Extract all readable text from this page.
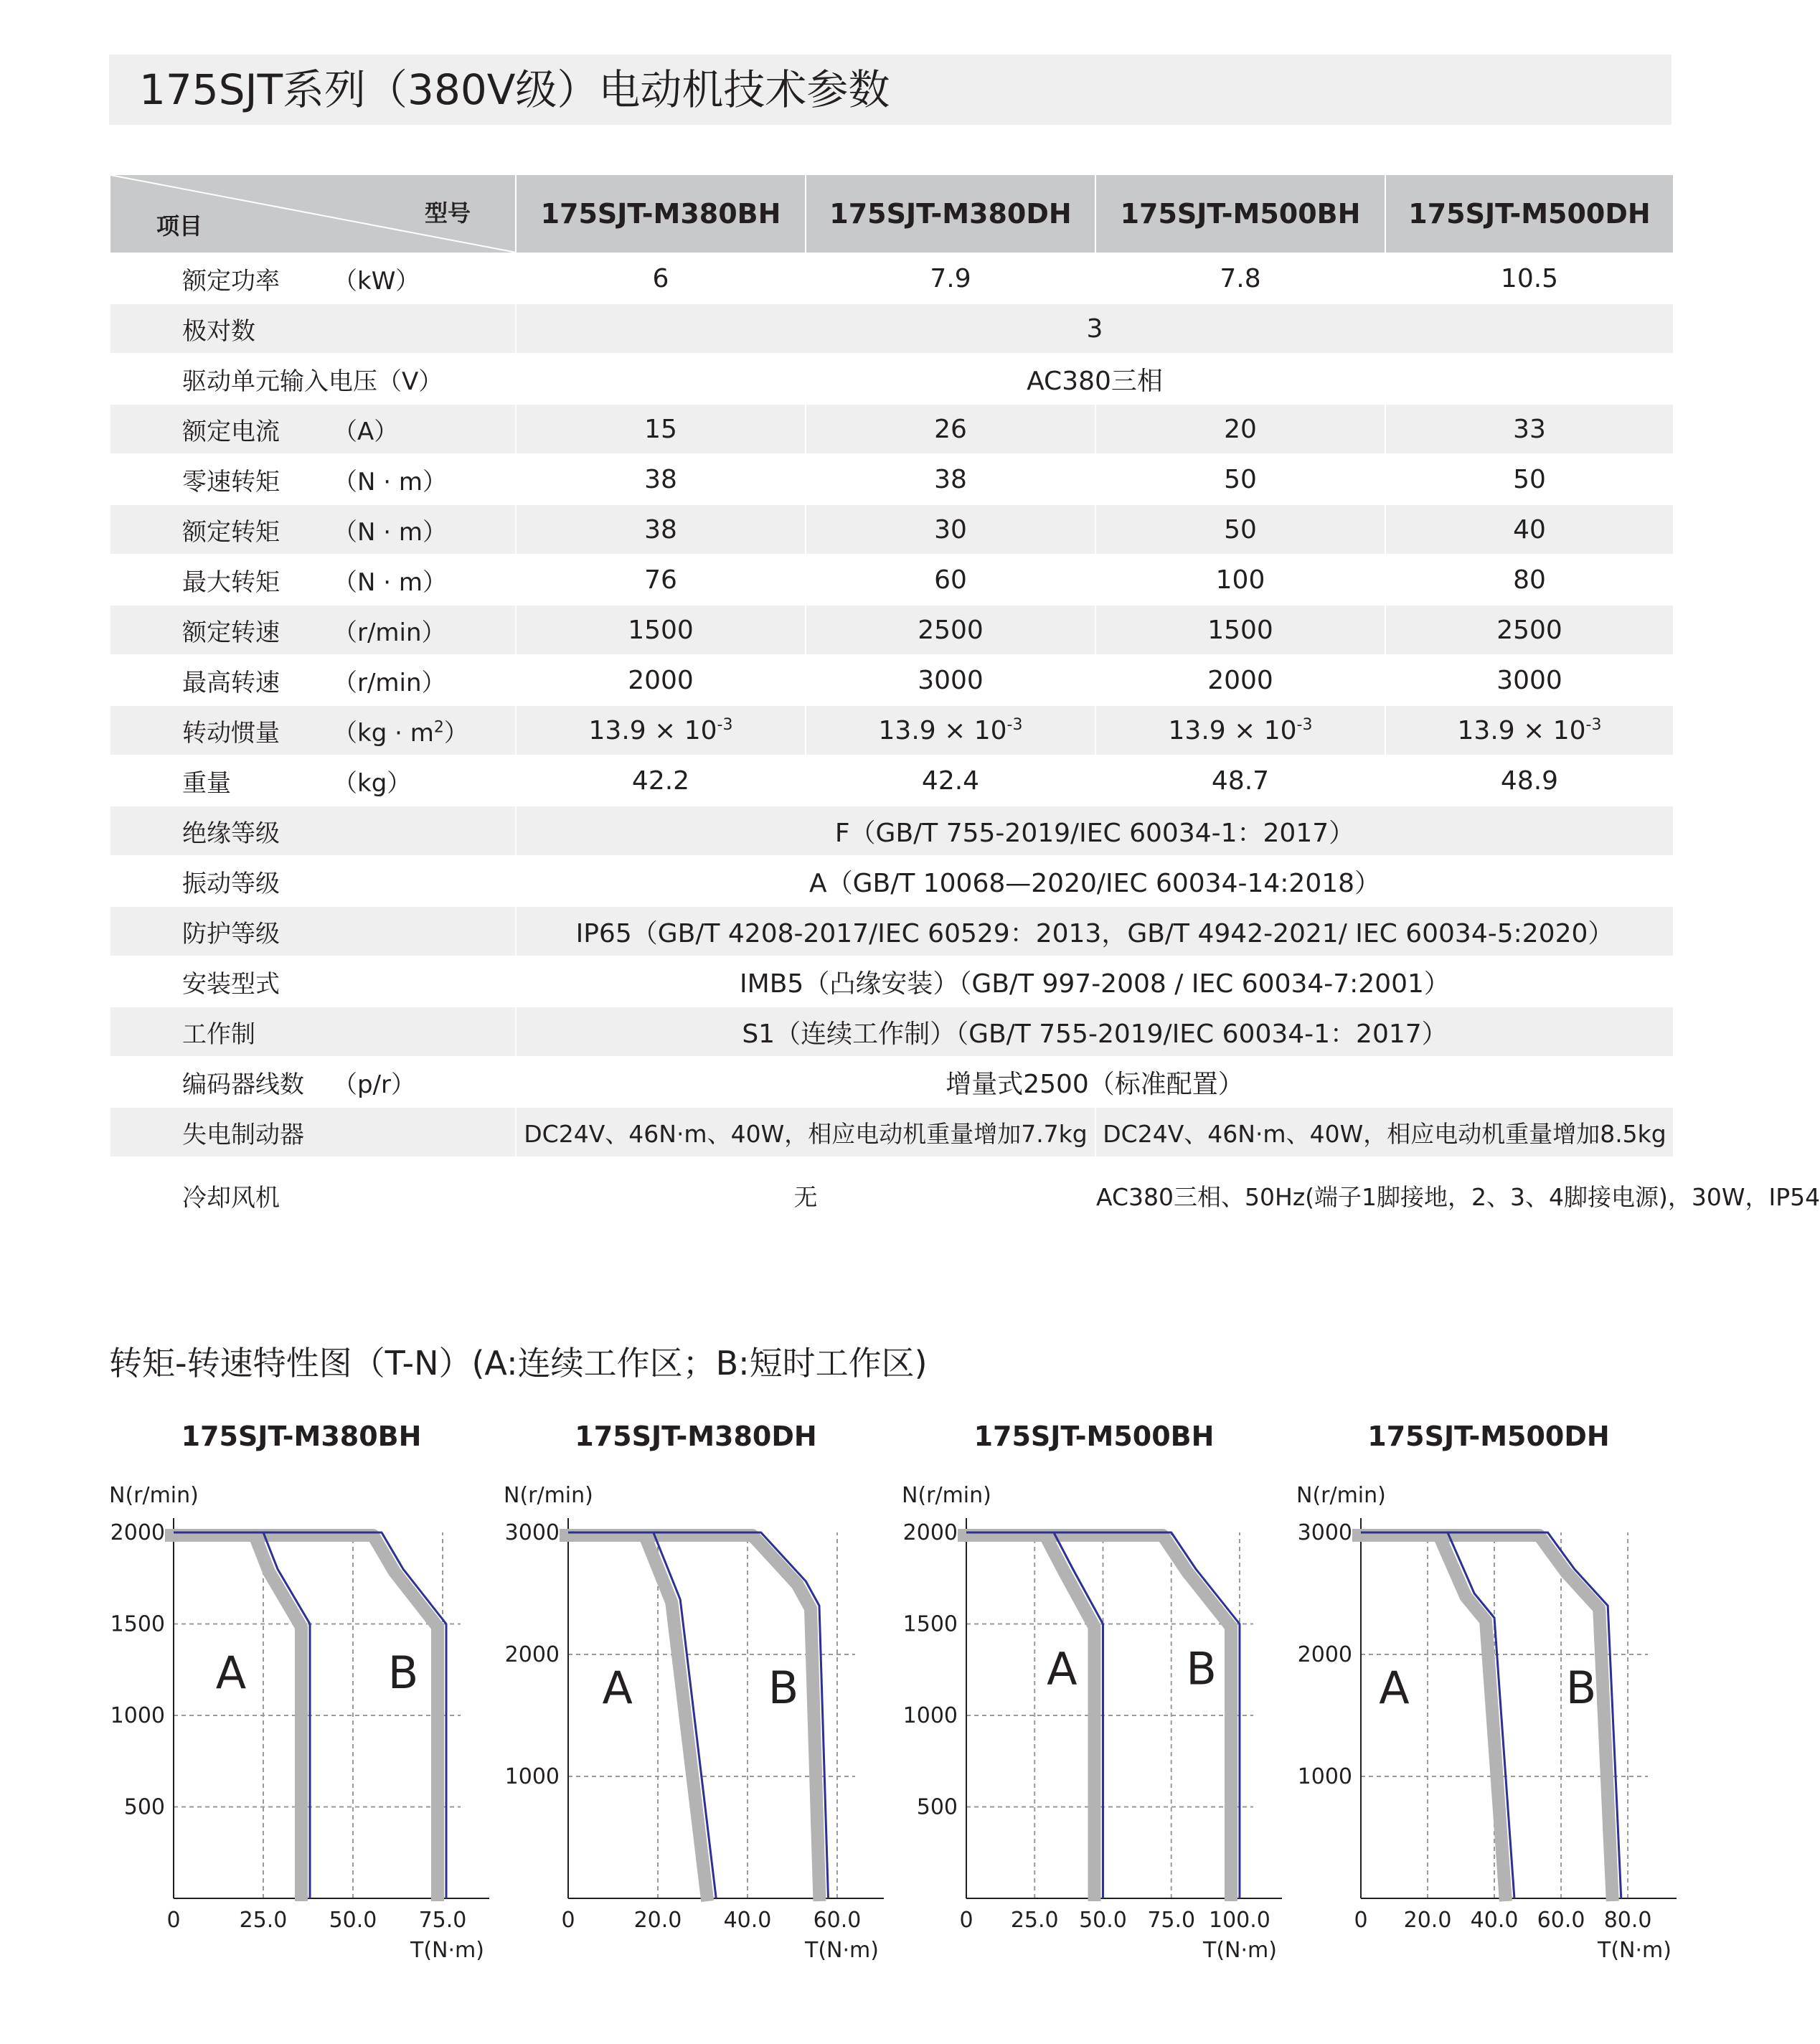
175SJT系列（380V级）电动机技术参数
型号
项目	175SJT-M380BH	175SJT-M380DH	175SJT-M500BH	175SJT-M500DH
额定功率 （kW）	6	7.9	7.8	10.5
极对数	3			
驱动单元输入电压（V）	AC380三相			
额定电流 （A）	15	26	20	33
零速转矩 （N · m）	38	38	50	50
额定转矩 （N · m）	38	30	50	40
最大转矩 （N · m）	76	60	100	80
额定转速 （r/min）	1500	2500	1500	2500
最高转速 （r/min）	2000	3000	2000	3000
转动惯量 $(kg \cdot m^2)$	$13.9 \times 10^{-3}$	$13.9 \times 10^{-3}$	$13.9 \times 10^{-3}$	$13.9 \times 10^{-3}$
重量 （kg）	42.2	42.4	48.7	48.9
绝缘等级	F（GB/T 755-2019/IEC 60034-1：2017）			
振动等级	A（GB/T 10068—2020/IEC 60034-14:2018）			
防护等级	IP65（GB/T 4208-2017/IEC 60529：2013，GB/T 4942-2021/ IEC 60034-5:2020）			
安装型式	IMB5（凸缘安装）（GB/T 997-2008 / IEC 60034-7:2001）			
工作制	S1（连续工作制）（GB/T 755-2019/IEC 60034-1：2017）			
编码器线数 （p/r）	增量式2500（标准配置）			
失电制动器	DC24V、46N·m、40W，相应电动机重量增加7.7kg		DC24V、46N·m、40W，相应电动机重量增加8.5kg	
冷却风机	无		AC380三相、50Hz(端子1脚接地，2、3、4脚接电源)，30W，IP54	
转矩-转速特性图（T-N）(A:连续工作区；B:短时工作区)
175SJT-M380BH
0	25.0 50.0 75.0
500
1000
1500
2000
N(r/min)
T(N·m)
A	B
175SJT-M380DH
0	20.0 40.0 60.0
1000
2000
3000
N(r/min)
T(N·m)
A	B
175SJT-M500BH
0 25.0 50.0 75.0 100.0
500
1000
1500
2000
N(r/min)
T(N·m)
A B
175SJT-M500DH
0 20.0 40.0 60.0 80.0
1000
2000
3000
N(r/min)
T(N·m)
A	B
